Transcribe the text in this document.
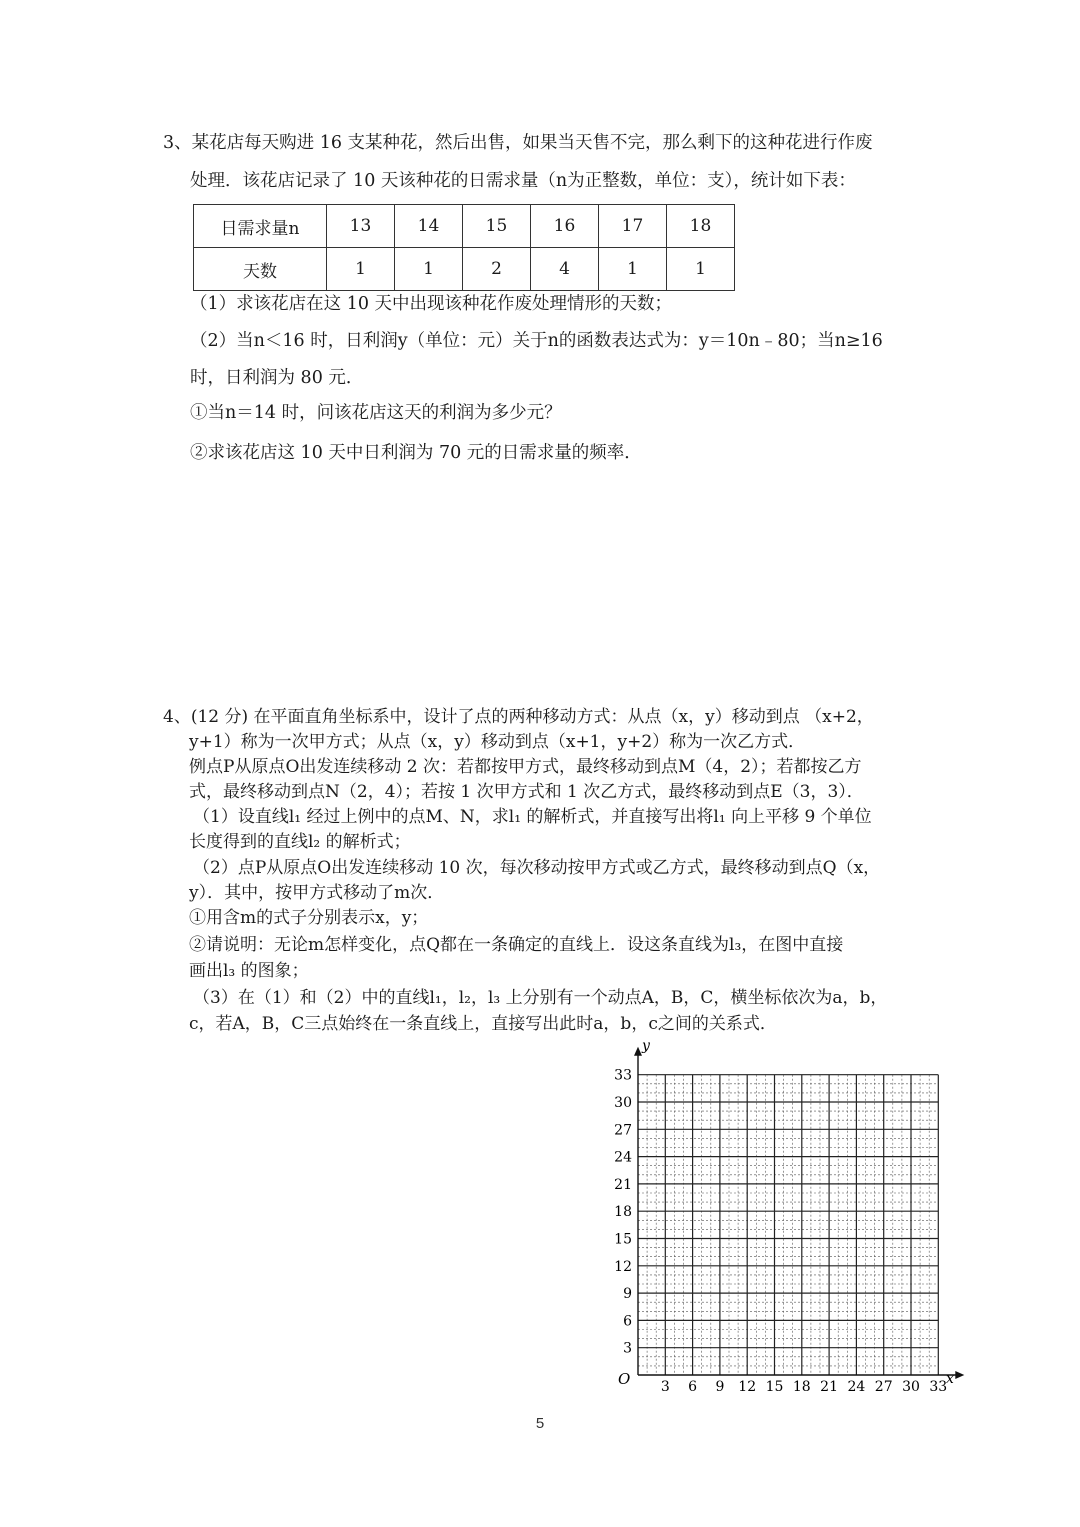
3、某花店每天购进 16 支某种花，然后出售，如果当天售不完，那么剩下的这种花进行作废
处理．该花店记录了 10 天该种花的日需求量（n为正整数，单位：支），统计如下表：
日需求量n	13	14	15	16	17	18
天数	1	1	2	4	1	1
（1）求该花店在这 10 天中出现该种花作废处理情形的天数；
（2）当n＜16 时，日利润y（单位：元）关于n的函数表达式为：y＝10n﹣80；当n≥16
时，日利润为 80 元．
①当n＝14 时，问该花店这天的利润为多少元？
②求该花店这 10 天中日利润为 70 元的日需求量的频率．
4、(12 分) 在平面直角坐标系中，设计了点的两种移动方式：从点（x，y）移动到点 （x+2，
y+1）称为一次甲方式；从点（x，y）移动到点（x+1，y+2）称为一次乙方式．
例点P从原点O出发连续移动 2 次：若都按甲方式，最终移动到点M（4，2）；若都按乙方
式，最终移动到点N（2，4）；若按 1 次甲方式和 1 次乙方式，最终移动到点E（3，3）．
（1）设直线l₁ 经过上例中的点M、N，求l₁ 的解析式，并直接写出将l₁ 向上平移 9 个单位
长度得到的直线l₂ 的解析式；
（2）点P从原点O出发连续移动 10 次，每次移动按甲方式或乙方式，最终移动到点Q（x，
y）．其中，按甲方式移动了m次．
①用含m的式子分别表示x，y；
②请说明：无论m怎样变化，点Q都在一条确定的直线上．设这条直线为l₃，在图中直接
画出l₃ 的图象；
（3）在（1）和（2）中的直线l₁，l₂，l₃ 上分别有一个动点A，B，C，横坐标依次为a，b，
c，若A，B，C三点始终在一条直线上，直接写出此时a，b，c之间的关系式．
3 6 9 12 15 18 21 24 27 30 33
3
6
9
12
15
18
21
24
27
30
33
y
x
O
5
